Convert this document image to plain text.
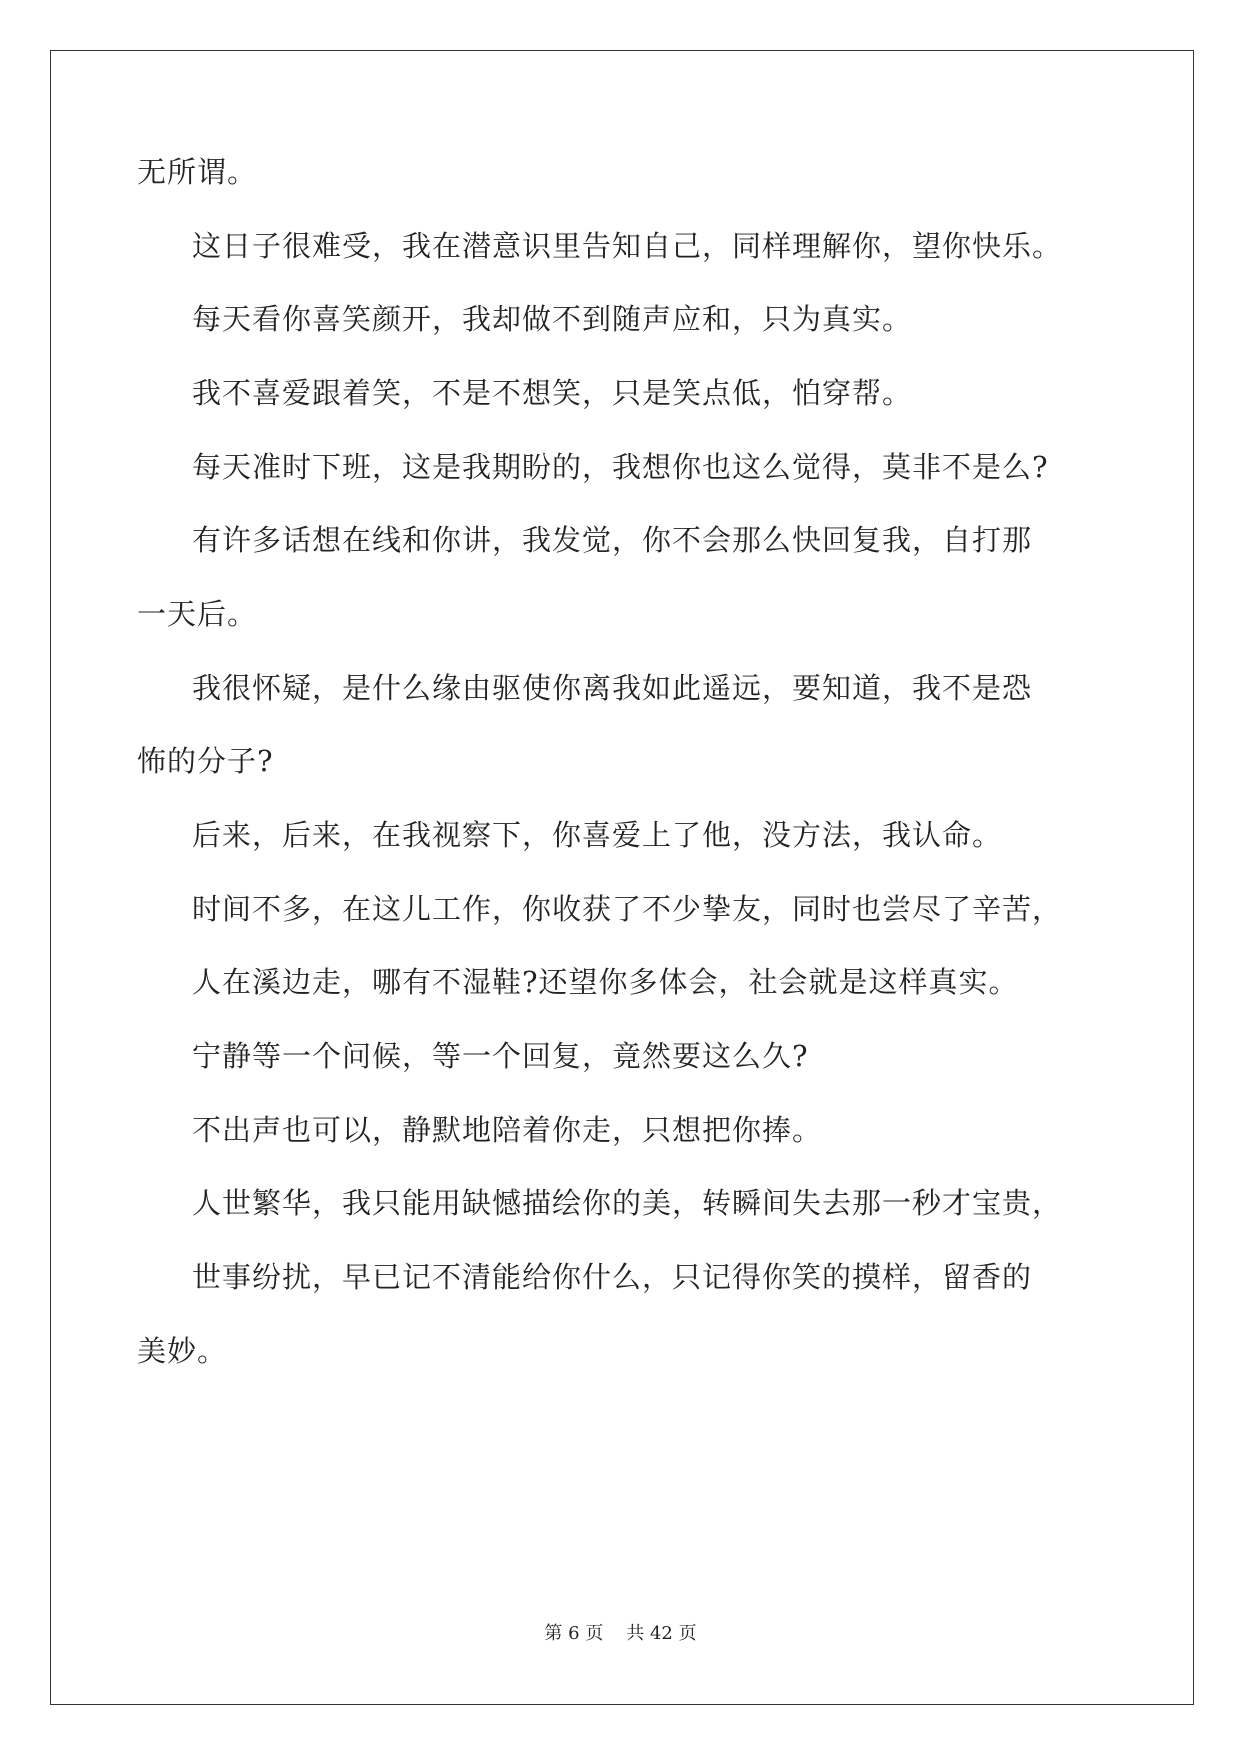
无所谓。
这日子很难受，我在潜意识里告知自己，同样理解你，望你快乐。
每天看你喜笑颜开，我却做不到随声应和，只为真实。
我不喜爱跟着笑，不是不想笑，只是笑点低，怕穿帮。
每天准时下班，这是我期盼的，我想你也这么觉得，莫非不是么?
有许多话想在线和你讲，我发觉，你不会那么快回复我，自打那
一天后。
我很怀疑，是什么缘由驱使你离我如此遥远，要知道，我不是恐
怖的分子?
后来，后来，在我视察下，你喜爱上了他，没方法，我认命。
时间不多，在这儿工作，你收获了不少挚友，同时也尝尽了辛苦，
人在溪边走，哪有不湿鞋?还望你多体会，社会就是这样真实。
宁静等一个问候，等一个回复，竟然要这么久?
不出声也可以，静默地陪着你走，只想把你捧。
人世繁华，我只能用缺憾描绘你的美，转瞬间失去那一秒才宝贵，
世事纷扰，早已记不清能给你什么，只记得你笑的摸样，留香的
美妙。
第 6 页 共 42 页
